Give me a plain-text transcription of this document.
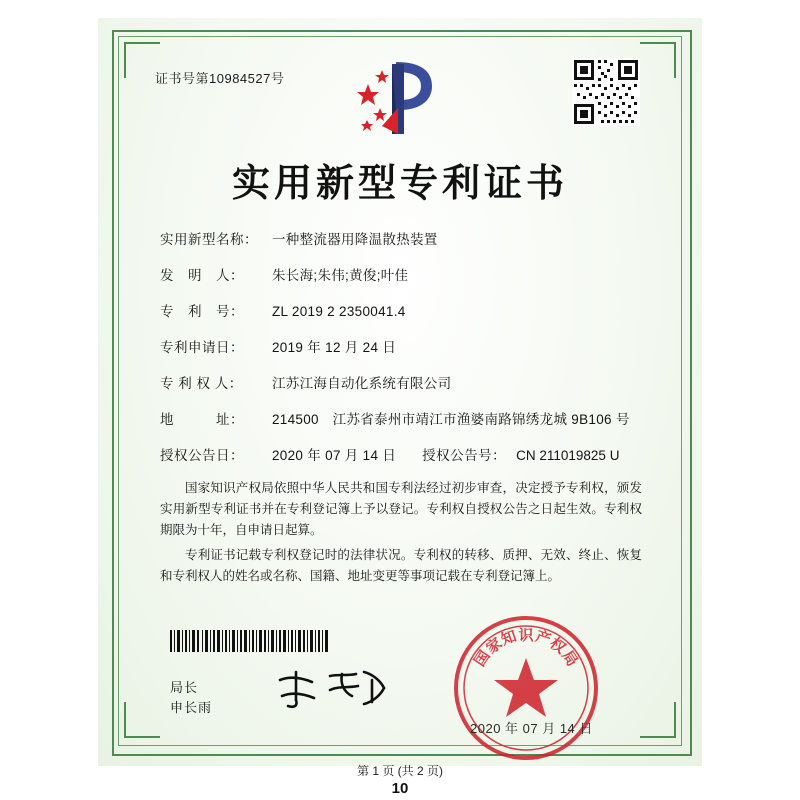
证书号第10984527号
实用新型专利证书
实用新型名称：	一种整流器用降温散热装置
发　明　人：	朱长海;朱伟;黄俊;叶佳
专　利　号：	ZL 2019 2 2350041.4
专利申请日：	2019 年 12 月 24 日
专 利 权 人：	江苏江海自动化系统有限公司
地　　　址：	214500　江苏省泰州市靖江市渔婆南路锦绣龙城 9B106 号
授权公告日：	2020 年 07 月 14 日 授权公告号： CN 211019825 U

国家知识产权局依照中华人民共和国专利法经过初步审查，决定授予专利权，颁发实用新型专利证书并在专利登记簿上予以登记。专利权自授权公告之日起生效。专利权期限为十年，自申请日起算。

专利证书记载专利权登记时的法律状况。专利权的转移、质押、无效、终止、恢复和专利权人的姓名或名称、国籍、地址变更等事项记载在专利登记簿上。

局长
申长雨
国
家
知 识 产
权
局
2020 年 07 月 14 日
第 1 页 (共 2 页)
10
